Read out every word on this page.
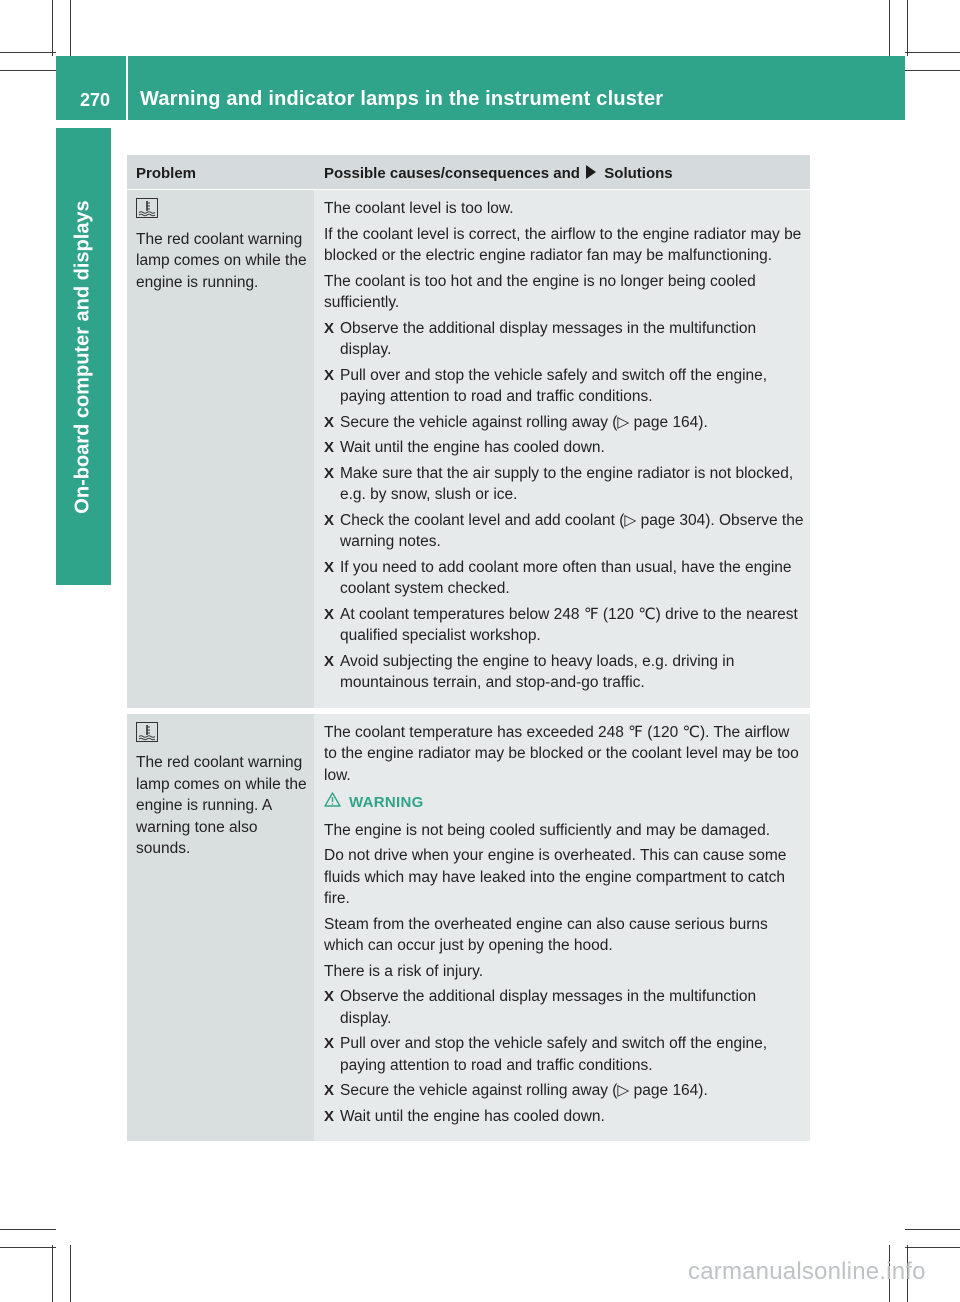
270	Warning and indicator lamps in the instrument cluster
On-board computer and displays
Problem	Possible causes/consequences and Solutions
The red coolant warning lamp comes on while the engine is running.

The coolant level is too low.

If the coolant level is correct, the airflow to the engine radiator may be blocked or the electric engine radiator fan may be malfunctioning.

The coolant is too hot and the engine is no longer being cooled sufficiently.

X Observe the additional display messages in the multifunction display.
X Pull over and stop the vehicle safely and switch off the engine, paying attention to road and traffic conditions.
X Secure the vehicle against rolling away (▷ page 164).
X Wait until the engine has cooled down.
X Make sure that the air supply to the engine radiator is not blocked, e.g. by snow, slush or ice.
X Check the coolant level and add coolant (▷ page 304). Observe the warning notes.
X If you need to add coolant more often than usual, have the engine coolant system checked.
X At coolant temperatures below 248 ℉ (120 ℃) drive to the nearest qualified specialist workshop.
X Avoid subjecting the engine to heavy loads, e.g. driving in mountainous terrain, and stop-and-go traffic.
The red coolant warning lamp comes on while the engine is running. A warning tone also sounds.

The coolant temperature has exceeded 248 ℉ (120 ℃). The airflow to the engine radiator may be blocked or the coolant level may be too low.

WARNING

The engine is not being cooled sufficiently and may be damaged.

Do not drive when your engine is overheated. This can cause some fluids which may have leaked into the engine compartment to catch fire.

Steam from the overheated engine can also cause serious burns which can occur just by opening the hood.

There is a risk of injury.

X Observe the additional display messages in the multifunction display.
X Pull over and stop the vehicle safely and switch off the engine, paying attention to road and traffic conditions.
X Secure the vehicle against rolling away (▷ page 164).
X Wait until the engine has cooled down.
carmanualsonline.info
